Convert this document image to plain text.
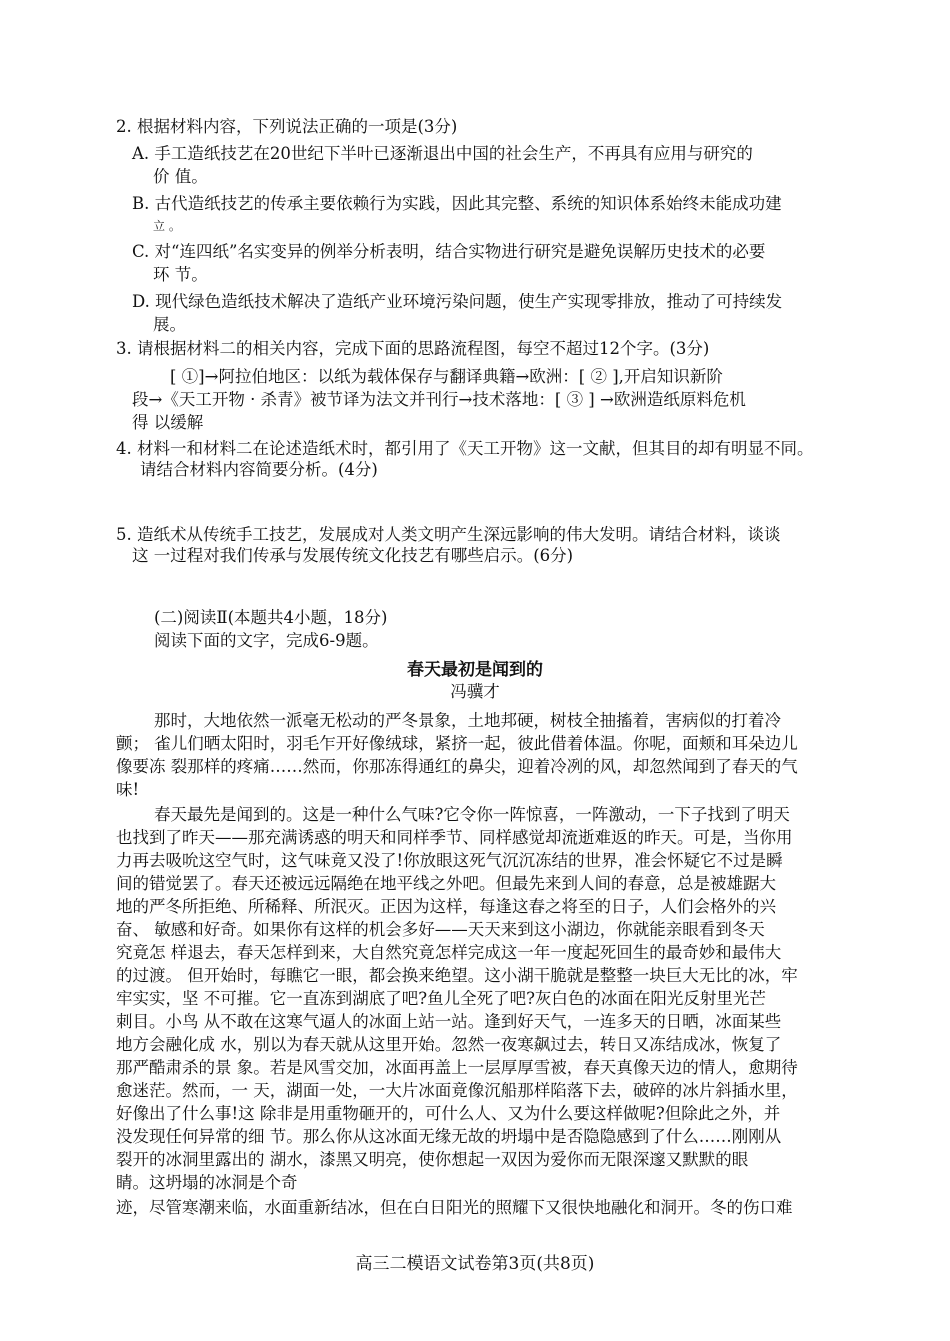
2. 根据材料内容，下列说法正确的一项是(3分)
A. 手工造纸技艺在20世纪下半叶已逐渐退出中国的社会生产，不再具有应用与研究的
价 值。
B. 古代造纸技艺的传承主要依赖行为实践，因此其完整、系统的知识体系始终未能成功建
立 。
C. 对“连四纸”名实变异的例举分析表明，结合实物进行研究是避免误解历史技术的必要
环 节。
D. 现代绿色造纸技术解决了造纸产业环境污染问题，使生产实现零排放，推动了可持续发
展。
3. 请根据材料二的相关内容，完成下面的思路流程图，每空不超过12个字。(3分)
[ ①]→阿拉伯地区：以纸为载体保存与翻译典籍→欧洲：[ ② ],开启知识新阶
段→《天工开物 · 杀青》被节译为法文并刊行→技术落地：[ ③ ] →欧洲造纸原料危机
得 以缓解
4. 材料一和材料二在论述造纸术时，都引用了《天工开物》这一文献，但其目的却有明显不同。
请结合材料内容简要分析。(4分)
5. 造纸术从传统手工技艺，发展成对人类文明产生深远影响的伟大发明。请结合材料，谈谈
这 一过程对我们传承与发展传统文化技艺有哪些启示。(6分)
(二)阅读Ⅱ(本题共4小题，18分)
阅读下面的文字，完成6-9题。
春天最初是闻到的
冯骥才
那时，大地依然一派毫无松动的严冬景象，土地邦硬，树枝全抽搐着，害病似的打着冷
颤； 雀儿们晒太阳时，羽毛乍开好像绒球，紧挤一起，彼此借着体温。你呢，面颊和耳朵边儿
像要冻 裂那样的疼痛……然而，你那冻得通红的鼻尖，迎着冷冽的风，却忽然闻到了春天的气
味!
春天最先是闻到的。这是一种什么气味?它令你一阵惊喜，一阵激动，一下子找到了明天
也找到了昨天——那充满诱惑的明天和同样季节、同样感觉却流逝难返的昨天。可是，当你用
力再去吸吮这空气时，这气味竟又没了!你放眼这死气沉沉冻结的世界，准会怀疑它不过是瞬
间的错觉罢了。春天还被远远隔绝在地平线之外吧。但最先来到人间的春意，总是被雄踞大
地的严冬所拒绝、所稀释、所泯灭。正因为这样，每逢这春之将至的日子，人们会格外的兴
奋、 敏感和好奇。如果你有这样的机会多好——天天来到这小湖边，你就能亲眼看到冬天
究竟怎 样退去，春天怎样到来，大自然究竟怎样完成这一年一度起死回生的最奇妙和最伟大
的过渡。 但开始时，每瞧它一眼，都会换来绝望。这小湖干脆就是整整一块巨大无比的冰，牢
牢实实，坚 不可摧。它一直冻到湖底了吧?鱼儿全死了吧?灰白色的冰面在阳光反射里光芒
刺目。小鸟 从不敢在这寒气逼人的冰面上站一站。逢到好天气，一连多天的日晒，冰面某些
地方会融化成 水，别以为春天就从这里开始。忽然一夜寒飙过去，转日又冻结成冰，恢复了
那严酷肃杀的景 象。若是风雪交加，冰面再盖上一层厚厚雪被，春天真像天边的情人，愈期待
愈迷茫。然而，一 天，湖面一处，一大片冰面竟像沉船那样陷落下去，破碎的冰片斜插水里，
好像出了什么事!这 除非是用重物砸开的，可什么人、又为什么要这样做呢?但除此之外，并
没发现任何异常的细 节。那么你从这冰面无缘无故的坍塌中是否隐隐感到了什么……刚刚从
裂开的冰洞里露出的 湖水，漆黑又明亮，使你想起一双因为爱你而无限深邃又默默的眼
睛。这坍塌的冰洞是个奇
迹，尽管寒潮来临，水面重新结冰，但在白日阳光的照耀下又很快地融化和洞开。冬的伤口难
高三二模语文试卷第3页(共8页)
